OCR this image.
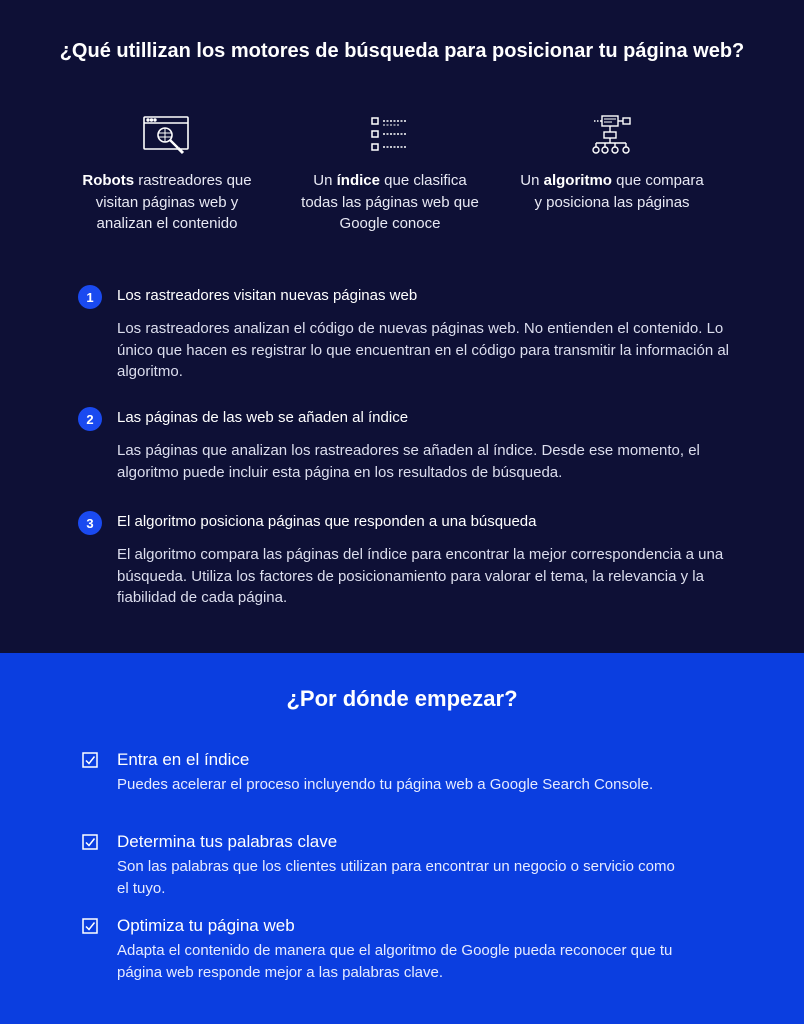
¿Qué utillizan los motores de búsqueda para posicionar tu página web?
Robots rastreadores que visitan páginas web y analizan el contenido
Un índice que clasifica todas las páginas web que Google conoce
Un algoritmo que compara y posiciona las páginas
1	Los rastreadores visitan nuevas páginas web
Los rastreadores analizan el código de nuevas páginas web. No entienden el contenido. Lo único que hacen es registrar lo que encuentran en el código para transmitir la información al algoritmo.
2	Las páginas de las web se añaden al índice
Las páginas que analizan los rastreadores se añaden al índice. Desde ese momento, el algoritmo puede incluir esta página en los resultados de búsqueda.
3	El algoritmo posiciona páginas que responden a una búsqueda
El algoritmo compara las páginas del índice para encontrar la mejor correspondencia a una búsqueda. Utiliza los factores de posicionamiento para valorar el tema, la relevancia y la fiabilidad de cada página.
¿Por dónde empezar?
Entra en el índice
Puedes acelerar el proceso incluyendo tu página web a Google Search Console.
Determina tus palabras clave
Son las palabras que los clientes utilizan para encontrar un negocio o servicio como el tuyo.
Optimiza tu página web
Adapta el contenido de manera que el algoritmo de Google pueda reconocer que tu página web responde mejor a las palabras clave.
